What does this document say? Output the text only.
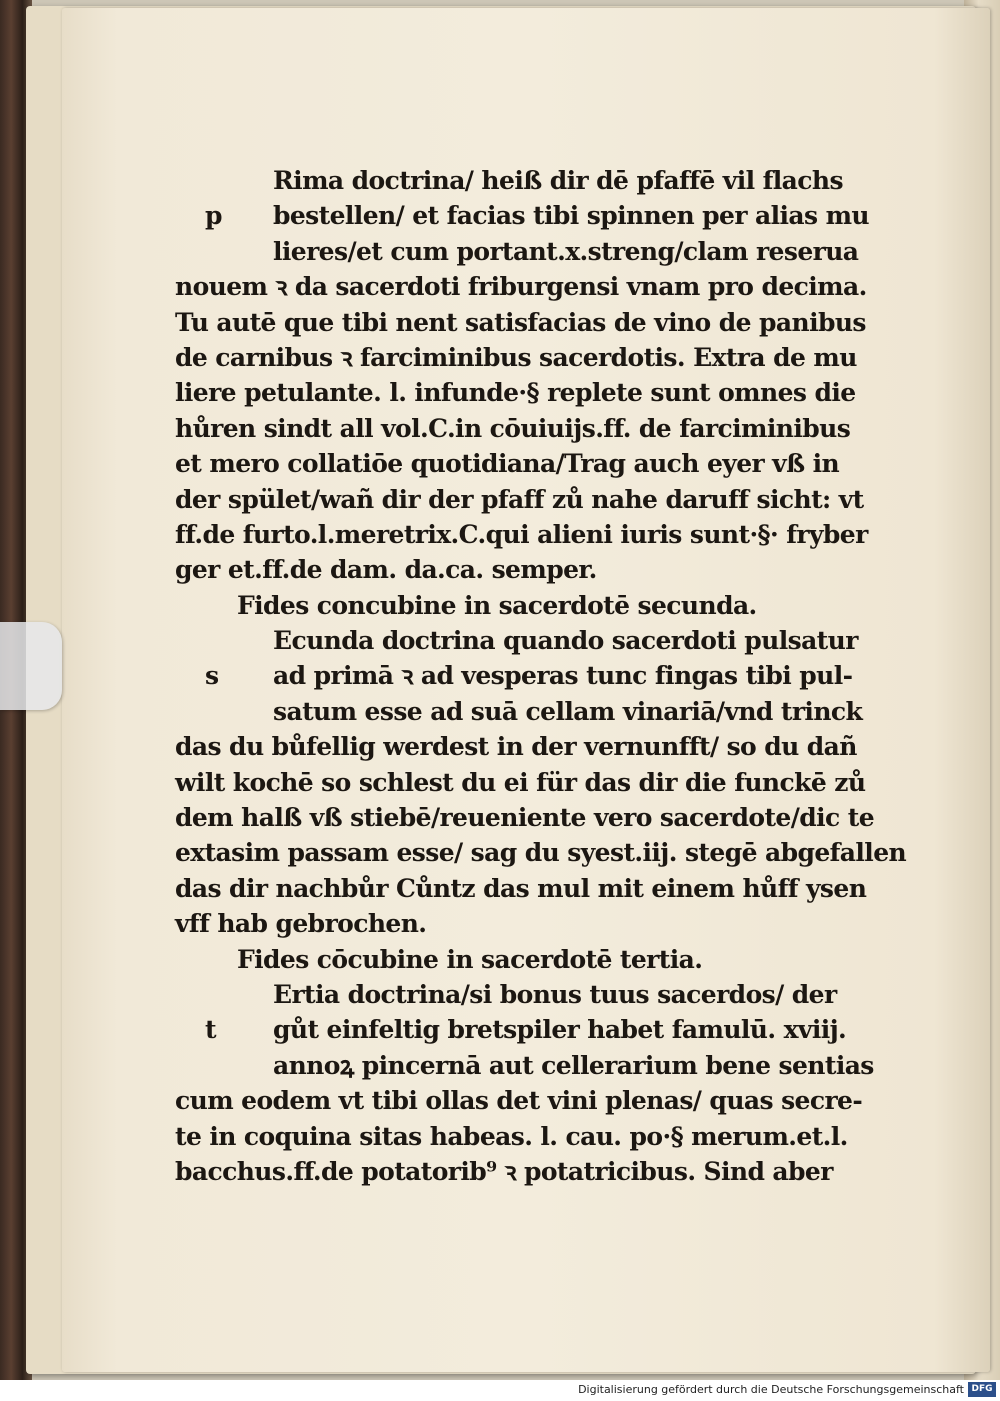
Rima doctrina/ heiß dir dē pfaffē vil flachs
p bestellen/ et facias tibi spinnen per alias mu
lieres/et cum portant.x.streng/clam reserua
nouem ꝛ da sacerdoti friburgensi vnam pro decima.
Tu autē que tibi nent satisfacias de vino de panibus
de carnibus ꝛ farciminibus sacerdotis. Extra de mu
liere petulante. l. infunde·§ replete sunt omnes die
hůren sindt all vol.C.in cōuiuijs.ff. de farciminibus
et mero collatiōe quotidiana/Trag auch eyer vß in
der spület/wañ dir der pfaff zů nahe daruff sicht: vt
ff.de furto.l.meretrix.C.qui alieni iuris sunt·§· fryber
ger et.ff.de dam. da.ca. semper.
Fides concubine in sacerdotē secunda.
Ecunda doctrina quando sacerdoti pulsatur
s ad primā ꝛ ad vesperas tunc fingas tibi pul-
satum esse ad suā cellam vinariā/vnd trinck
das du bůfellig werdest in der vernunfft/ so du dañ
wilt kochē so schlest du ei für das dir die funckē zů
dem halß vß stiebē/reueniente vero sacerdote/dic te
extasim passam esse/ sag du syest.iij. stegē abgefallen
das dir nachbůr Cůntz das mul mit einem hůff ysen
vff hab gebrochen.
Fides cōcubine in sacerdotē tertia.
Ertia doctrina/si bonus tuus sacerdos/ der
t gůt einfeltig bretspiler habet famulū. xviij.
annoꝝ pincernā aut cellerarium bene sentias
cum eodem vt tibi ollas det vini plenas/ quas secre-
te in coquina sitas habeas. l. cau. po·§ merum.et.l.
bacchus.ff.de potatorib⁹ ꝛ potatricibus. Sind aber
Digitalisierung gefördert durch die Deutsche Forschungsgemeinschaft DFG
